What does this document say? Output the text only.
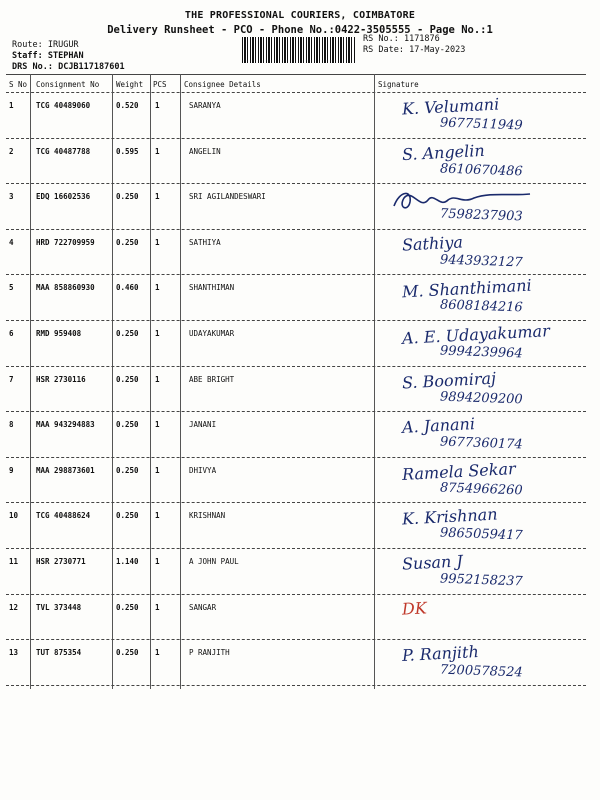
THE PROFESSIONAL COURIERS, COIMBATORE
Delivery Runsheet - PCO - Phone No.:0422-3505555 - Page No.:1
Route: IRUGUR
Staff: STEPHAN
DRS No.: DCJB117187601
RS No.: 1171876
RS Date: 17-May-2023
S No Consignment No Weight PCS Consignee Details	Signature
1	TCG 40489060	0.520 1	SARANYA	K. Velumani
9677511949
2	TCG 40487788	0.595 1	ANGELIN	S. Angelin
8610670486
3	EDQ 16602536	0.250 1	SRI AGILANDESWARI
7598237903
4	HRD 722709959	0.250 1	SATHIYA	Sathiya
9443932127
5	MAA 858860930	0.460 1	SHANTHIMAN	M. Shanthimani
8608184216
6	RMD 959408	0.250 1	UDAYAKUMAR	A. E. Udayakumar
9994239964
7	HSR 2730116	0.250 1	ABE BRIGHT	S. Boomiraj
9894209200
8	MAA 943294883	0.250 1	JANANI	A. Janani
9677360174
9	MAA 298873601	0.250 1	DHIVYA	Ramela Sekar
8754966260
10 TCG 40488624	0.250 1	KRISHNAN	K. Krishnan
9865059417
11 HSR 2730771	1.140 1	A JOHN PAUL	Susan J
9952158237
12 TVL 373448	0.250 1	SANGAR	DK
13 TUT 875354	0.250 1	P RANJITH	P. Ranjith
7200578524
